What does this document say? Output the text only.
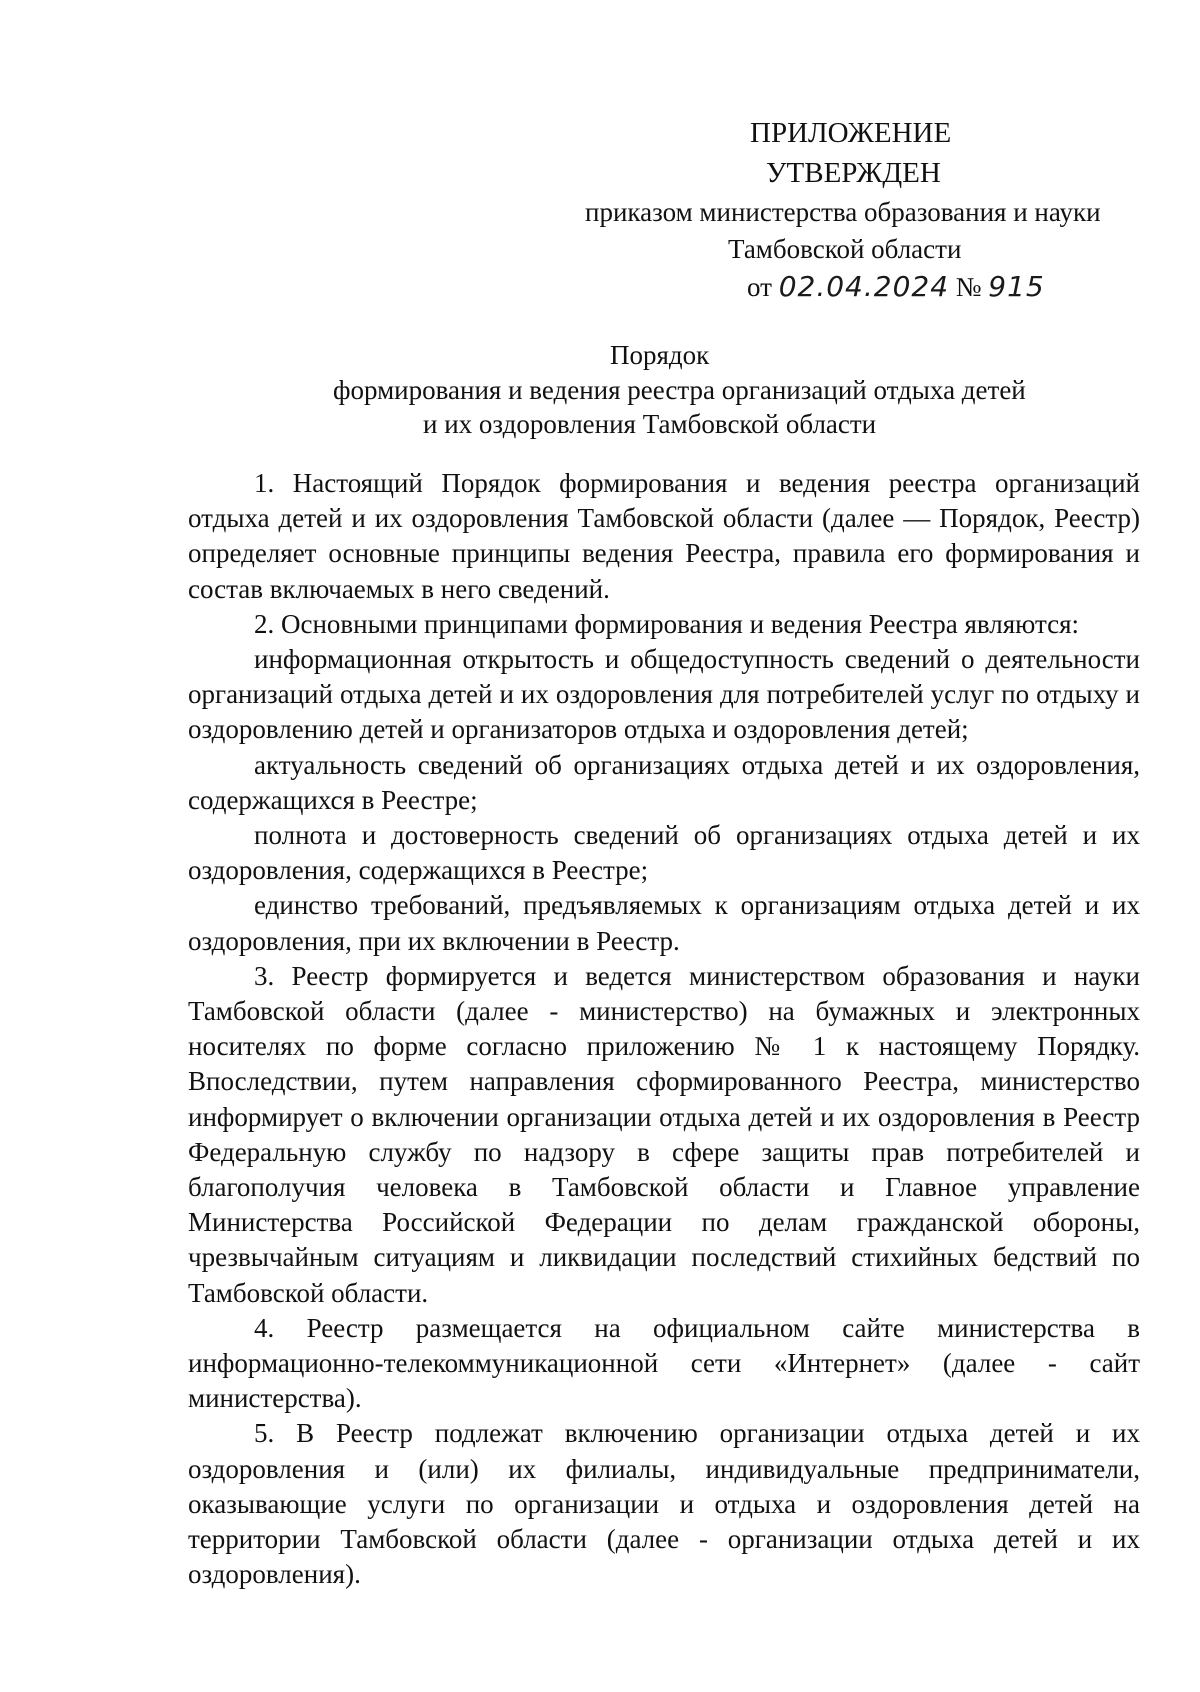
ПРИЛОЖЕНИЕ
УТВЕРЖДЕН
приказом министерства образования и науки
Тамбовской области
от 02.04.2024 № 915
Порядок
формирования и ведения реестра организаций отдыха детей
и их оздоровления Тамбовской области

1. Настоящий Порядок формирования и ведения реестра организаций отдыха детей и их оздоровления Тамбовской области (далее — Порядок, Реестр) определяет основные принципы ведения Реестра, правила его формирования и состав включаемых в него сведений.

2. Основными принципами формирования и ведения Реестра являются:

информационная открытость и общедоступность сведений о деятельности организаций отдыха детей и их оздоровления для потребителей услуг по отдыху и оздоровлению детей и организаторов отдыха и оздоровления детей;

актуальность сведений об организациях отдыха детей и их оздоровления, содержащихся в Реестре;

полнота и достоверность сведений об организациях отдыха детей и их оздоровления, содержащихся в Реестре;

единство требований, предъявляемых к организациям отдыха детей и их оздоровления, при их включении в Реестр.

3. Реестр формируется и ведется министерством образования и науки Тамбовской области (далее - министерство) на бумажных и электронных носителях по форме согласно приложению № 1 к настоящему Порядку. Впоследствии, путем направления сформированного Реестра, министерство информирует о включении организации отдыха детей и их оздоровления в Реестр Федеральную службу по надзору в сфере защиты прав потребителей и благополучия человека в Тамбовской области и Главное управление Министерства Российской Федерации по делам гражданской обороны, чрезвычайным ситуациям и ликвидации последствий стихийных бедствий по Тамбовской области.

4. Реестр размещается на официальном сайте министерства в информационно-телекоммуникационной сети «Интернет» (далее - сайт министерства).

5. В Реестр подлежат включению организации отдыха детей и их оздоровления и (или) их филиалы, индивидуальные предприниматели, оказывающие услуги по организации и отдыха и оздоровления детей на территории Тамбовской области (далее - организации отдыха детей и их оздоровления).
